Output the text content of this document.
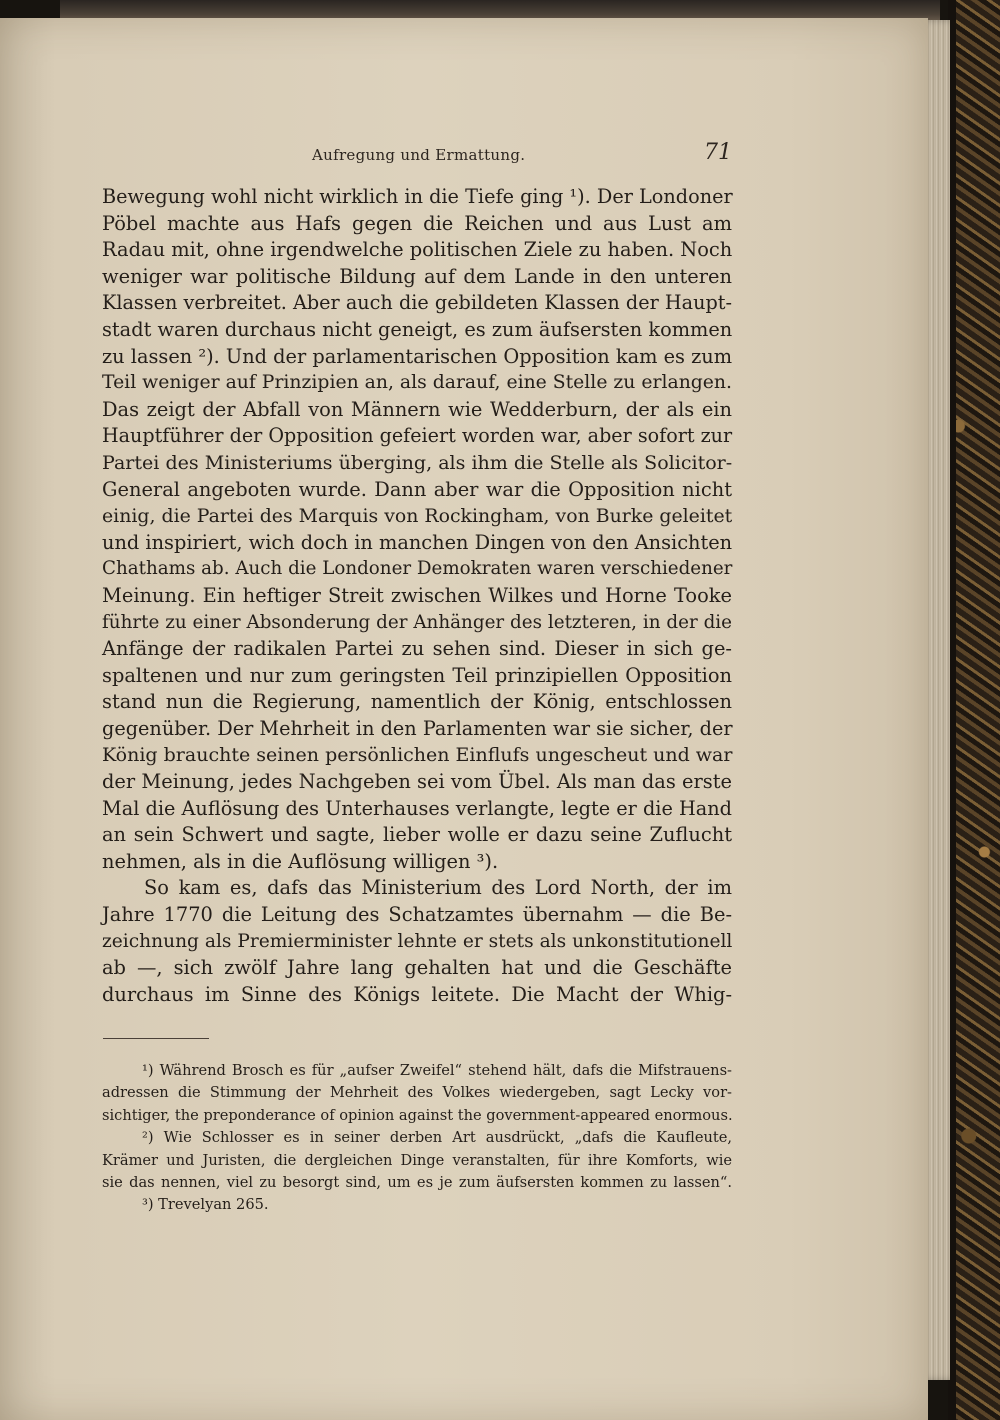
Aufregung und Ermattung.	71
Bewegung wohl nicht wirklich in die Tiefe ging ¹). Der Londoner
Pöbel machte aus Hafs gegen die Reichen und aus Lust am
Radau mit, ohne irgendwelche politischen Ziele zu haben. Noch
weniger war politische Bildung auf dem Lande in den unteren
Klassen verbreitet. Aber auch die gebildeten Klassen der Haupt-
stadt waren durchaus nicht geneigt, es zum äufsersten kommen
zu lassen ²). Und der parlamentarischen Opposition kam es zum
Teil weniger auf Prinzipien an, als darauf, eine Stelle zu erlangen.
Das zeigt der Abfall von Männern wie Wedderburn, der als ein
Hauptführer der Opposition gefeiert worden war, aber sofort zur
Partei des Ministeriums überging, als ihm die Stelle als Solicitor-
General angeboten wurde. Dann aber war die Opposition nicht
einig, die Partei des Marquis von Rockingham, von Burke geleitet
und inspiriert, wich doch in manchen Dingen von den Ansichten
Chathams ab. Auch die Londoner Demokraten waren verschiedener
Meinung. Ein heftiger Streit zwischen Wilkes und Horne Tooke
führte zu einer Absonderung der Anhänger des letzteren, in der die
Anfänge der radikalen Partei zu sehen sind. Dieser in sich ge-
spaltenen und nur zum geringsten Teil prinzipiellen Opposition
stand nun die Regierung, namentlich der König, entschlossen
gegenüber. Der Mehrheit in den Parlamenten war sie sicher, der
König brauchte seinen persönlichen Einflufs ungescheut und war
der Meinung, jedes Nachgeben sei vom Übel. Als man das erste
Mal die Auflösung des Unterhauses verlangte, legte er die Hand
an sein Schwert und sagte, lieber wolle er dazu seine Zuflucht
nehmen, als in die Auflösung willigen ³).
So kam es, dafs das Ministerium des Lord North, der im
Jahre 1770 die Leitung des Schatzamtes übernahm — die Be-
zeichnung als Premierminister lehnte er stets als unkonstitutionell
ab —, sich zwölf Jahre lang gehalten hat und die Geschäfte
durchaus im Sinne des Königs leitete. Die Macht der Whig-
¹) Während Brosch es für „aufser Zweifel“ stehend hält, dafs die Mifstrauens-
adressen die Stimmung der Mehrheit des Volkes wiedergeben, sagt Lecky vor-
sichtiger, the preponderance of opinion against the government-appeared enormous.
²) Wie Schlosser es in seiner derben Art ausdrückt, „dafs die Kaufleute,
Krämer und Juristen, die dergleichen Dinge veranstalten, für ihre Komforts, wie
sie das nennen, viel zu besorgt sind, um es je zum äufsersten kommen zu lassen“.
³) Trevelyan 265.
